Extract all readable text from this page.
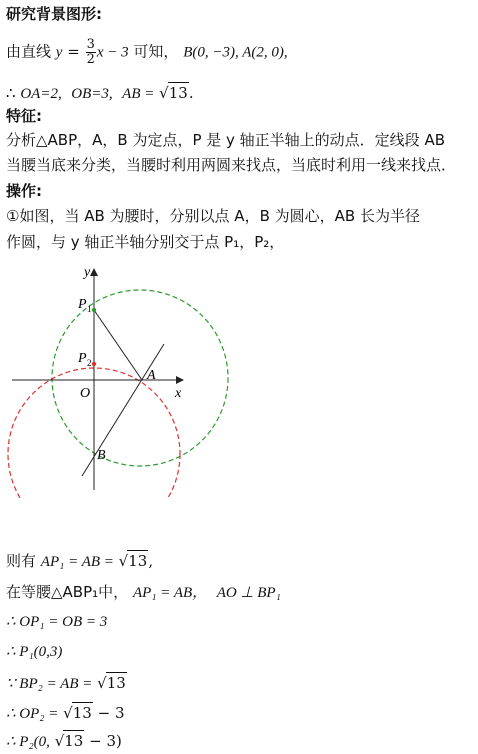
研究背景图形:
由直线 $y = \frac{3}{2}$ x − 3 可知， B(0, −3), A(2, 0),
∴ OA=2, OB=3, AB = √13.
特征:
分析△ABP，A，B 为定点，P 是 y 轴正半轴上的动点．定线段 AB
当腰当底来分类，当腰时利用两圆来找点，当底时利用一线来找点．
操作:
①如图，当 AB 为腰时，分别以点 A，B 为圆心，AB 长为半径
作圆，与 y 轴正半轴分别交于点 P₁，P₂，
y
x
O
A
B
P 1
P 2
则有 AP₁ = AB = √13,
在等腰△ABP₁中， AP₁ = AB， AO ⊥ BP₁
∴ OP₁ = OB = 3
∴ P₁(0,3)
∵ BP₂ = AB = √13
∴ OP₂ = √13 − 3
∴ P₂(0, √13 − 3)
